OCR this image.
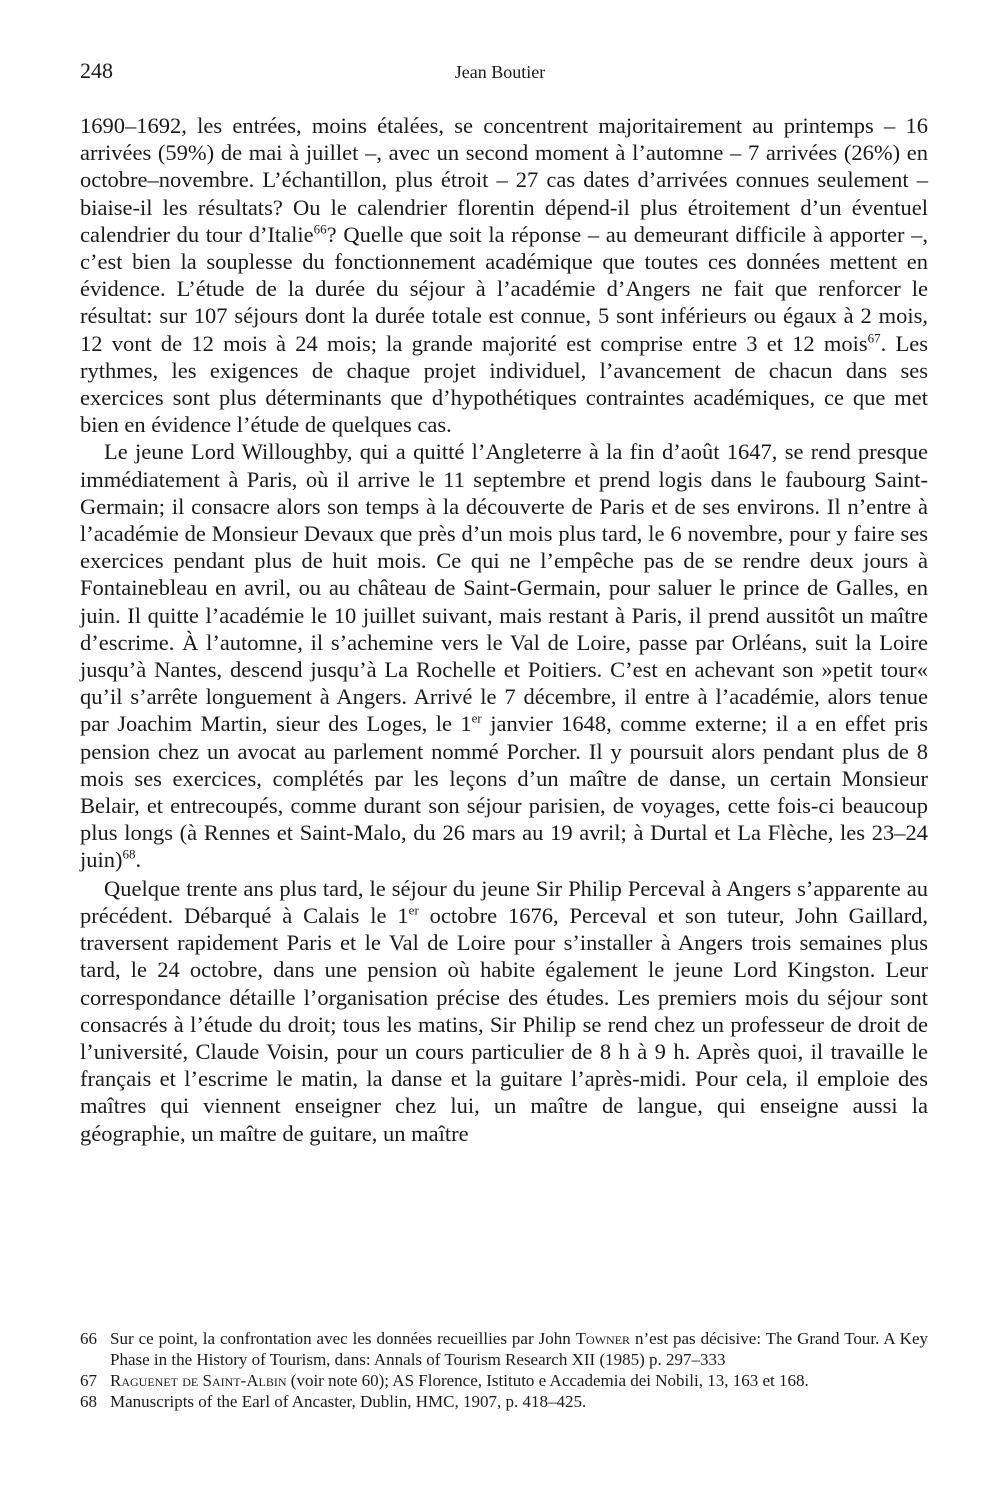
248	Jean Boutier

1690–1692, les entrées, moins étalées, se concentrent majoritairement au printemps – 16 arrivées (59%) de mai à juillet –, avec un second moment à l’automne – 7 arrivées (26%) en octobre–novembre. L’échantillon, plus étroit – 27 cas dates d’arrivées connues seulement – biaise-il les résultats? Ou le calendrier florentin dépend-il plus étroitement d’un éventuel calendrier du tour d’Italie$^{66}$? Quelle que soit la réponse – au demeurant difficile à apporter –, c’est bien la souplesse du fonctionnement académique que toutes ces données mettent en évidence. L’étude de la durée du séjour à l’académie d’Angers ne fait que renforcer le résultat: sur 107 séjours dont la durée totale est connue, 5 sont inférieurs ou égaux à 2 mois, 12 vont de 12 mois à 24 mois; la grande majorité est comprise entre 3 et 12 mois$^{67}$. Les rythmes, les exigences de chaque projet individuel, l’avancement de chacun dans ses exercices sont plus déterminants que d’hypothétiques contraintes académiques, ce que met bien en évidence l’étude de quelques cas.

Le jeune Lord Willoughby, qui a quitté l’Angleterre à la fin d’août 1647, se rend presque immédiatement à Paris, où il arrive le 11 septembre et prend logis dans le faubourg Saint-Germain; il consacre alors son temps à la découverte de Paris et de ses environs. Il n’entre à l’académie de Monsieur Devaux que près d’un mois plus tard, le 6 novembre, pour y faire ses exercices pendant plus de huit mois. Ce qui ne l’empêche pas de se rendre deux jours à Fontainebleau en avril, ou au château de Saint-Germain, pour saluer le prince de Galles, en juin. Il quitte l’académie le 10 juillet suivant, mais restant à Paris, il prend aussitôt un maître d’escrime. À l’automne, il s’achemine vers le Val de Loire, passe par Orléans, suit la Loire jusqu’à Nantes, descend jusqu’à La Rochelle et Poitiers. C’est en achevant son »petit tour« qu’il s’arrête longuement à Angers. Arrivé le 7 décembre, il entre à l’académie, alors tenue par Joachim Martin, sieur des Loges, le 1er janvier 1648, comme externe; il a en effet pris pension chez un avocat au parlement nommé Porcher. Il y poursuit alors pendant plus de 8 mois ses exercices, complétés par les leçons d’un maître de danse, un certain Monsieur Belair, et entrecoupés, comme durant son séjour parisien, de voyages, cette fois-ci beaucoup plus longs (à Rennes et Saint-Malo, du 26 mars au 19 avril; à Durtal et La Flèche, les 23–24 juin)$^{68}$.

Quelque trente ans plus tard, le séjour du jeune Sir Philip Perceval à Angers s’apparente au précédent. Débarqué à Calais le 1er octobre 1676, Perceval et son tuteur, John Gaillard, traversent rapidement Paris et le Val de Loire pour s’installer à Angers trois semaines plus tard, le 24 octobre, dans une pension où habite également le jeune Lord Kingston. Leur correspondance détaille l’organisation précise des études. Les premiers mois du séjour sont consacrés à l’étude du droit; tous les matins, Sir Philip se rend chez un professeur de droit de l’université, Claude Voisin, pour un cours particulier de 8 h à 9 h. Après quoi, il travaille le français et l’escrime le matin, la danse et la guitare l’après-midi. Pour cela, il emploie des maîtres qui viennent enseigner chez lui, un maître de langue, qui enseigne aussi la géographie, un maître de guitare, un maître

66 Sur ce point, la confrontation avec les données recueillies par John Towner n’est pas décisive: The Grand Tour. A Key Phase in the History of Tourism, dans: Annals of Tourism Research XII (1985) p. 297–333
67 Raguenet de Saint-Albin (voir note 60); AS Florence, Istituto e Accademia dei Nobili, 13, 163 et 168.
68 Manuscripts of the Earl of Ancaster, Dublin, HMC, 1907, p. 418–425.
